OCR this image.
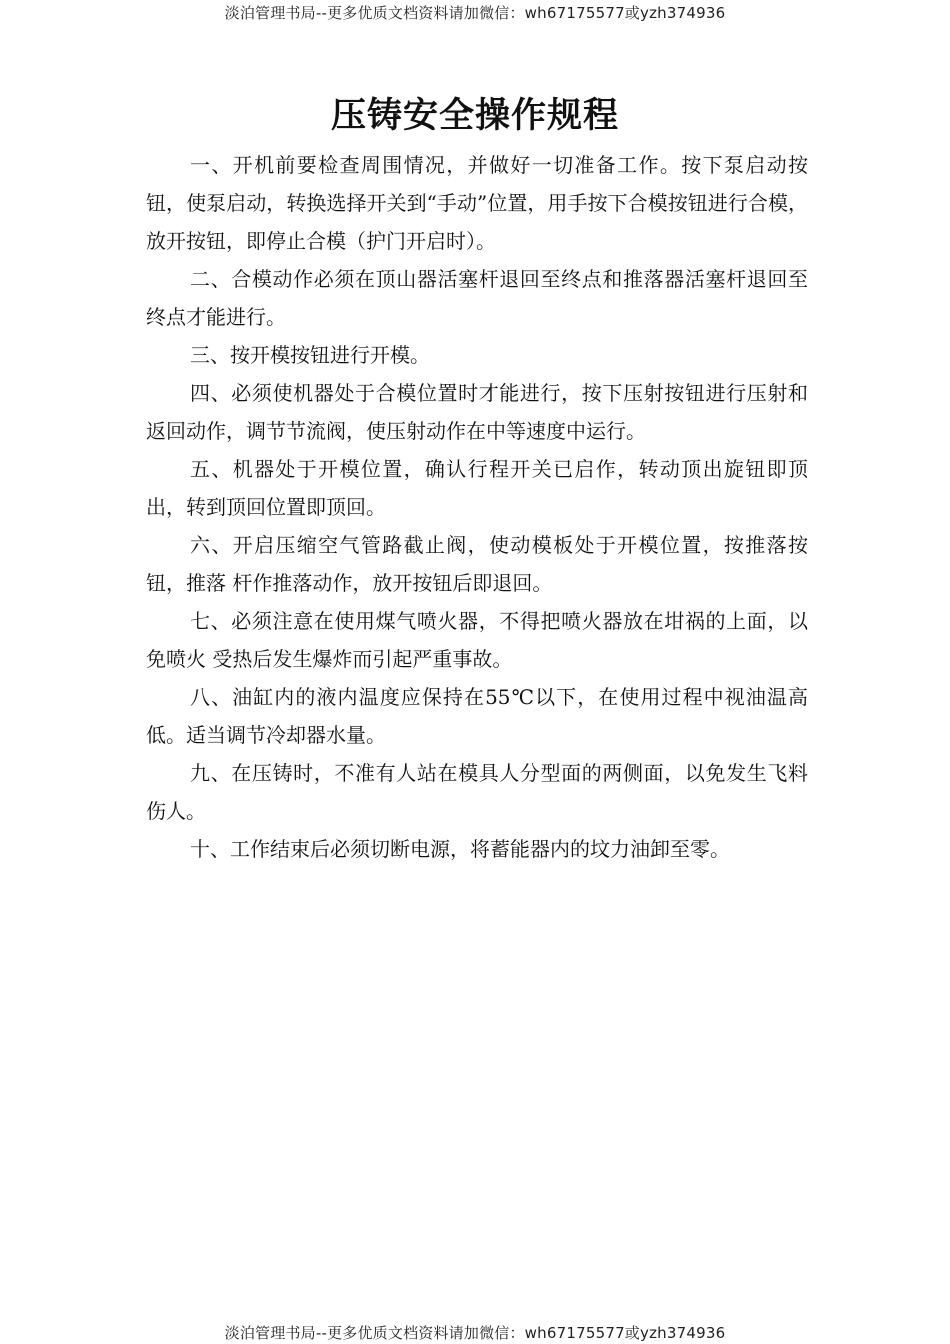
淡泊管理书局--更多优质文档资料请加微信：wh67175577或yzh374936
压铸安全操作规程

一、开机前要检查周围情况，并做好一切准备工作。按下泵启动按钮，使泵启动，转换选择开关到“手动”位置，用手按下合模按钮进行合模，放开按钮，即停止合模（护门开启时）。

二、合模动作必须在顶山器活塞杆退回至终点和推落器活塞杆退回至终点才能进行。

三、按开模按钮进行开模。

四、必须使机器处于合模位置时才能进行，按下压射按钮进行压射和返回动作，调节节流阀，使压射动作在中等速度中运行。

五、机器处于开模位置，确认行程开关已启作，转动顶出旋钮即顶出，转到顶回位置即顶回。

六、开启压缩空气管路截止阀，使动模板处于开模位置，按推落按钮，推落 杆作推落动作，放开按钮后即退回。

七、必须注意在使用煤气喷火器，不得把喷火器放在坩祸的上面，以免喷火 受热后发生爆炸而引起严重事故。

八、油缸内的液内温度应保持在55℃以下，在使用过程中视油温高低。适当调节冷却器水量。

九、在压铸时，不准有人站在模具人分型面的两侧面，以免发生飞料伤人。

十、工作结束后必须切断电源，将蓄能器内的坟力油卸至零。

淡泊管理书局--更多优质文档资料请加微信：wh67175577或yzh374936
